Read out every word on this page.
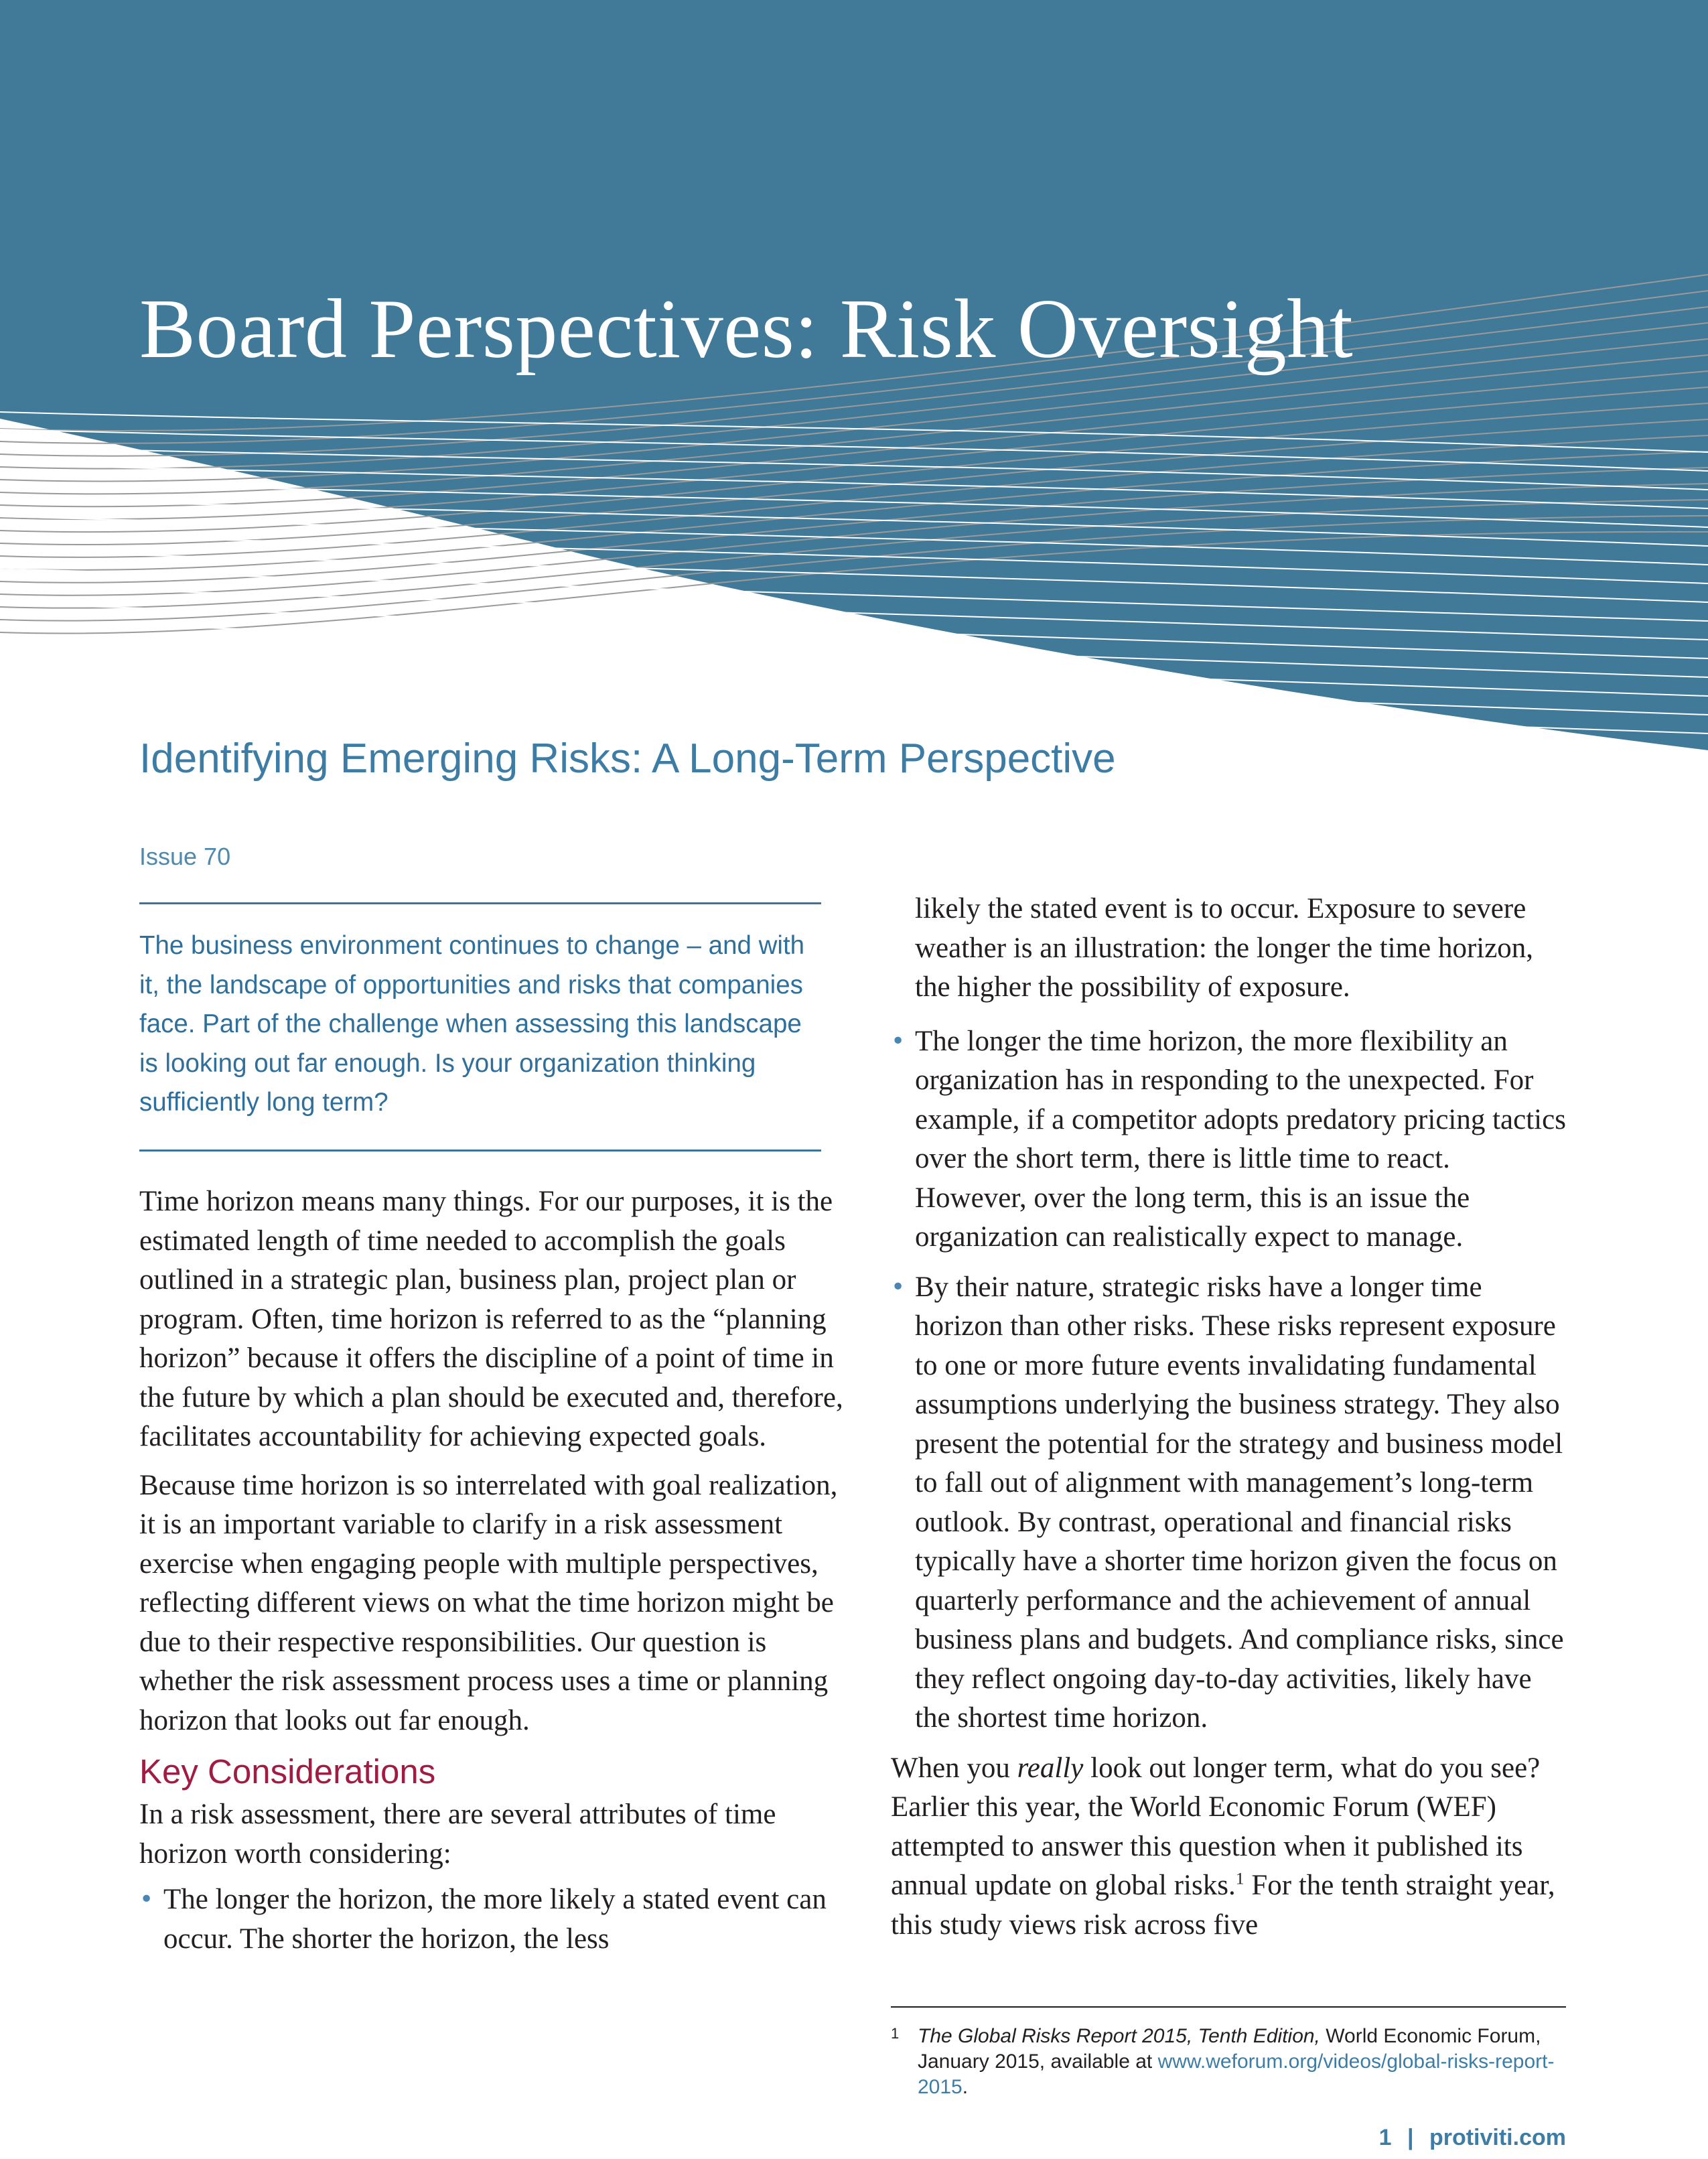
Board Perspectives: Risk Oversight
Identifying Emerging Risks: A Long-Term Perspective
Issue 70

The business environment continues to change – and with it, the landscape of opportunities and risks that companies face. Part of the challenge when assessing this landscape is looking out far enough. Is your organization thinking sufficiently long term?

Time horizon means many things. For our purposes, it is the estimated length of time needed to accomplish the goals outlined in a strategic plan, business plan, project plan or program. Often, time horizon is referred to as the “planning horizon” because it offers the discipline of a point of time in the future by which a plan should be executed and, therefore, facilitates accountability for achieving expected goals.

Because time horizon is so interrelated with goal realization, it is an important variable to clarify in a risk assessment exercise when engaging people with multiple perspectives, reflecting different views on what the time horizon might be due to their respective responsibilities. Our question is whether the risk assessment process uses a time or planning horizon that looks out far enough.

Key Considerations

In a risk assessment, there are several attributes of time horizon worth considering:

• The longer the horizon, the more likely a stated event can occur. The shorter the horizon, the less

likely the stated event is to occur. Exposure to severe weather is an illustration: the longer the time horizon, the higher the possibility of exposure.

• The longer the time horizon, the more flexibility an organization has in responding to the unexpected. For example, if a competitor adopts predatory pricing tactics over the short term, there is little time to react. However, over the long term, this is an issue the organization can realistically expect to manage.
• By their nature, strategic risks have a longer time horizon than other risks. These risks represent exposure to one or more future events invalidating fundamental assumptions underlying the business strategy. They also present the potential for the strategy and business model to fall out of alignment with management’s long-term outlook. By contrast, operational and financial risks typically have a shorter time horizon given the focus on quarterly performance and the achievement of annual business plans and budgets. And compliance risks, since they reflect ongoing day-to-day activities, likely have the shortest time horizon.

When you really look out longer term, what do you see? Earlier this year, the World Economic Forum (WEF) attempted to answer this question when it published its annual update on global risks.$^1$ For the tenth straight year, this study views risk across five

1 The Global Risks Report 2015, Tenth Edition, World Economic Forum, January 2015, available at www.weforum.org/videos/global-risks-report-2015.
1 | protiviti.com
